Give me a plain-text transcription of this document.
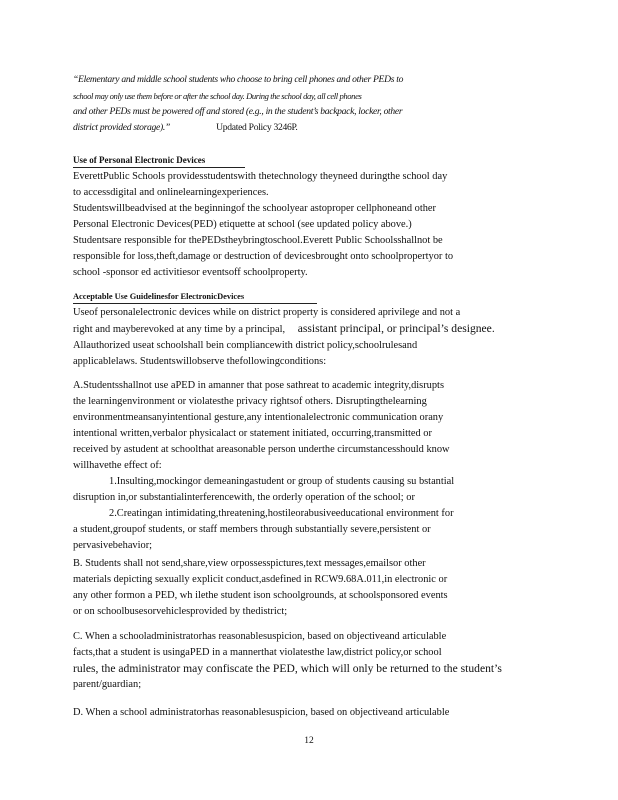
“Elementary and middle school students who choose to bring cell phones and other PEDs to
school may only use them before or after the school day. During the school day, all cell phones
and other PEDs must be powered off and stored (e.g., in the student’s backpack, locker, other
district provided storage).”	Updated Policy 3246P.
Use of Personal Electronic Devices
EverettPublic Schools providesstudentswith thetechnology theyneed duringthe school day
to accessdigital and onlinelearningexperiences.
Studentswillbeadvised at the beginningof the schoolyear astoproper cellphoneand other
Personal Electronic Devices(PED) etiquette at school (see updated policy above.)
Studentsare responsible for thePEDstheybringtoschool.Everett Public Schoolsshallnot be
responsible for loss,theft,damage or destruction of devicesbrought onto schoolpropertyor to
school -sponsor ed activitiesor eventsoff schoolproperty.
Acceptable Use Guidelinesfor ElectronicDevices
Useof personalelectronic devices while on district property is considered aprivilege and not a
right and mayberevoked at any time by a principal, assistant principal, or principal’s designee.
Allauthorized useat schoolshall bein compliancewith district policy,schoolrulesand
applicablelaws. Studentswillobserve thefollowingconditions:
A.Studentsshallnot use aPED in amanner that pose sathreat to academic integrity,disrupts
the learningenvironment or violatesthe privacy rightsof others. Disruptingthelearning
environmentmeansanyintentional gesture,any intentionalelectronic communication orany
intentional written,verbalor physicalact or statement initiated, occurring,transmitted or
received by astudent at schoolthat areasonable person underthe circumstancesshould know
willhavethe effect of:
1.Insulting,mockingor demeaningastudent or group of students causing su bstantial
disruption in,or substantialinterferencewith, the orderly operation of the school; or
2.Creatingan intimidating,threatening,hostileorabusiveeducational environment for
a student,groupof students, or staff members through substantially severe,persistent or
pervasivebehavior;
B. Students shall not send,share,view orpossesspictures,text messages,emailsor other
materials depicting sexually explicit conduct,asdefined in RCW9.68A.011,in electronic or
any other formon a PED, wh ilethe student ison schoolgrounds, at schoolsponsored events
or on schoolbusesorvehiclesprovided by thedistrict;
C. When a schooladministratorhas reasonablesuspicion, based on objectiveand articulable
facts,that a student is usingaPED in a mannerthat violatesthe law,district policy,or school
rules, the administrator may confiscate the PED, which will only be returned to the student’s
parent/guardian;
D. When a school administratorhas reasonablesuspicion, based on objectiveand articulable
12
